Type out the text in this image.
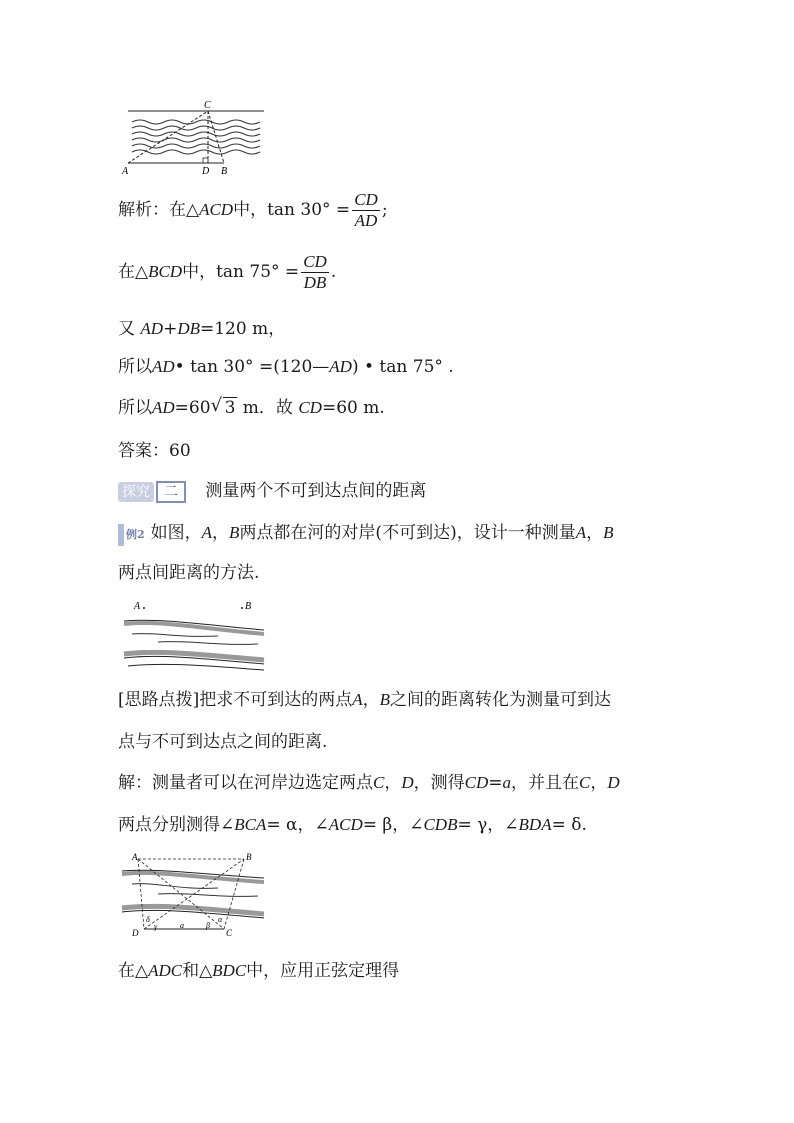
C
A	D B
解析：在△ACD中，$\tan 30^\circ = \frac{CD}{AD}$ ;
在△BCD中，$\tan 75^\circ = \frac{CD}{DB}$ .
又 AD+DB=120 m，
所以AD• tan 30° =(120—AD) • tan 75° .
所以AD=60√ 3 m．故 CD=60 m.
答案：60
探究 二 测量两个不可到达点间的距离
例2 如图，A，B两点都在河的对岸(不可到达)，设计一种测量A，B
两点间距离的方法.
A	B
[思路点拨]把求不可到达的两点A，B之间的距离转化为测量可到达
点与不可到达点之间的距离.
解：测量者可以在河岸边选定两点C，D，测得CD=a，并且在C，D
两点分别测得∠BCA= α，∠ACD= β，∠CDB= γ，∠BDA= δ.
A	B
D	C
δ
γ	a	β
α
在△ADC和△BDC中，应用正弦定理得
